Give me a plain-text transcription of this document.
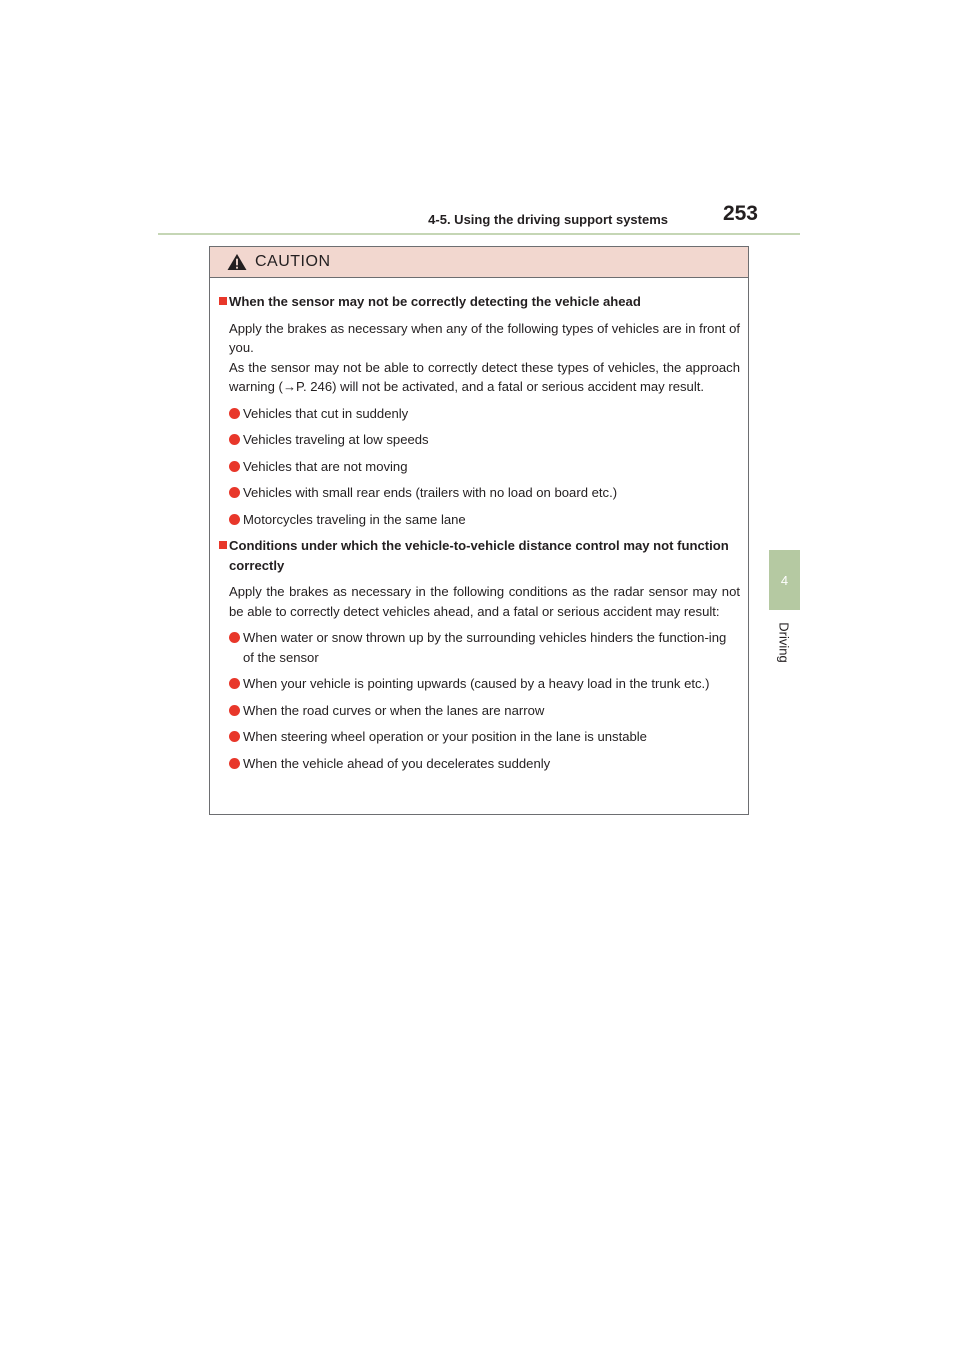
4-5. Using the driving support systems	253
4
Driving
CAUTION
When the sensor may not be correctly detecting the vehicle ahead
Apply the brakes as necessary when any of the following types of vehicles are in front of you.
As the sensor may not be able to correctly detect these types of vehicles, the approach warning (→P. 246) will not be activated, and a fatal or serious accident may result.
Vehicles that cut in suddenly
Vehicles traveling at low speeds
Vehicles that are not moving
Vehicles with small rear ends (trailers with no load on board etc.)
Motorcycles traveling in the same lane
Conditions under which the vehicle-to-vehicle distance control may not function correctly
Apply the brakes as necessary in the following conditions as the radar sensor may not be able to correctly detect vehicles ahead, and a fatal or serious accident may result:
When water or snow thrown up by the surrounding vehicles hinders the function-ing of the sensor
When your vehicle is pointing upwards (caused by a heavy load in the trunk etc.)
When the road curves or when the lanes are narrow
When steering wheel operation or your position in the lane is unstable
When the vehicle ahead of you decelerates suddenly
